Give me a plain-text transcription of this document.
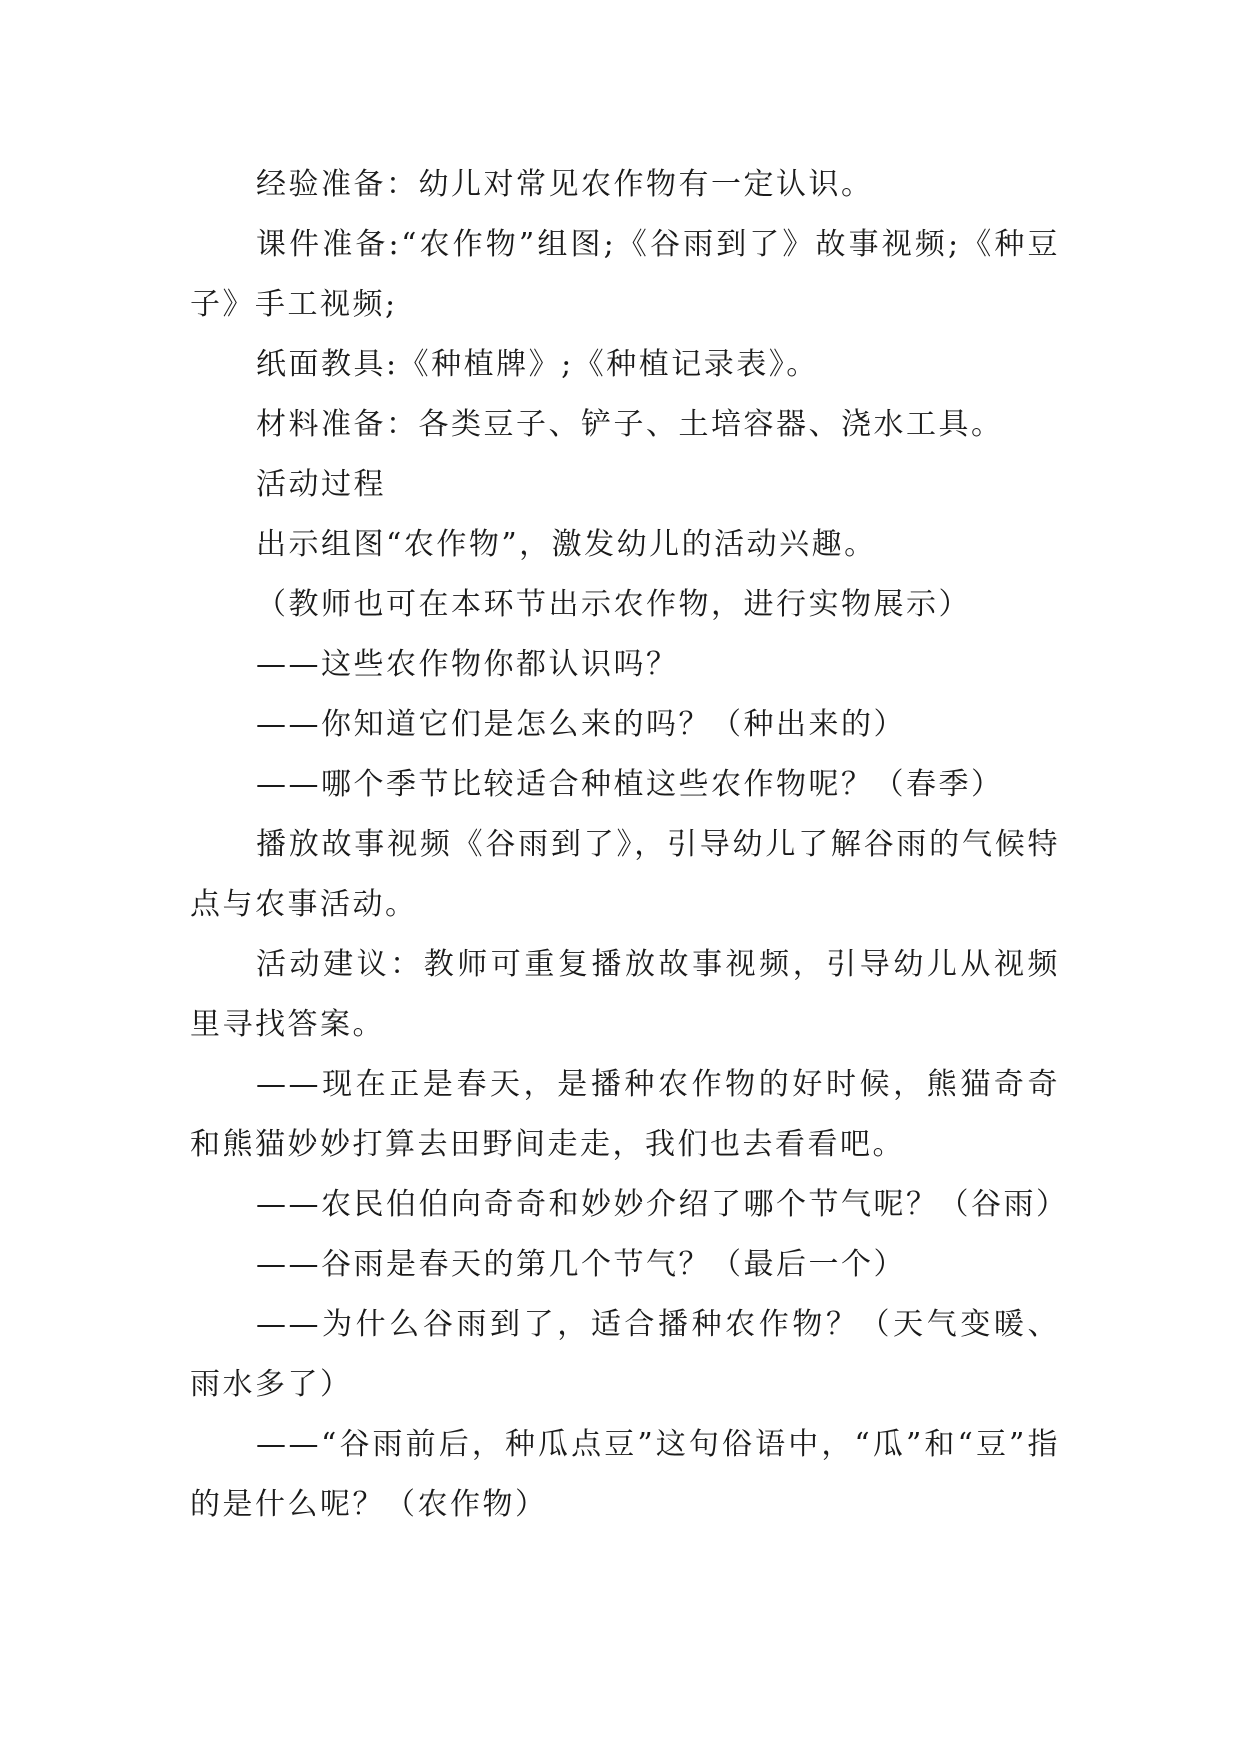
经验准备：幼儿对常见农作物有一定认识。

课件准备:“农作物”组图;《谷雨到了》故事视频;《种豆子》手工视频;

纸面教具:《种植牌》;《种植记录表》。

材料准备：各类豆子、铲子、土培容器、浇水工具。

活动过程

出示组图“农作物”，激发幼儿的活动兴趣。

（教师也可在本环节出示农作物，进行实物展示）

——这些农作物你都认识吗？

——你知道它们是怎么来的吗？（种出来的）

——哪个季节比较适合种植这些农作物呢？（春季）

播放故事视频《谷雨到了》，引导幼儿了解谷雨的气候特点与农事活动。

活动建议：教师可重复播放故事视频，引导幼儿从视频里寻找答案。

——现在正是春天，是播种农作物的好时候，熊猫奇奇和熊猫妙妙打算去田野间走走，我们也去看看吧。

——农民伯伯向奇奇和妙妙介绍了哪个节气呢？（谷雨）

——谷雨是春天的第几个节气？（最后一个）

——为什么谷雨到了，适合播种农作物？（天气变暖、雨水多了）

——“谷雨前后，种瓜点豆”这句俗语中，“瓜”和“豆”指的是什么呢？（农作物）
